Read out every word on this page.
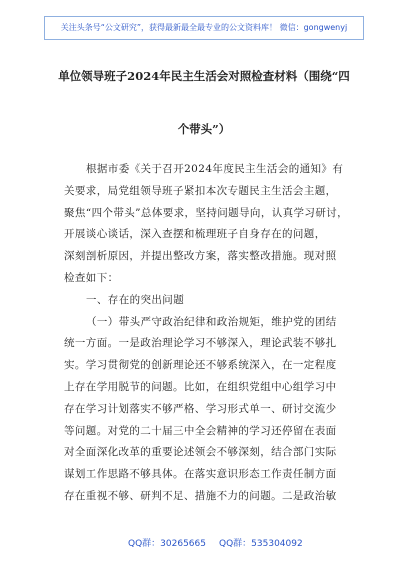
关注头条号“公文研究”，获得最新最全最专业的公文资料库！ 微信：gongwenyj
单位领导班子2024年民主生活会对照检查材料（围绕“四
个带头”）
根据市委《关于召开2024年度民主生活会的通知》有
关要求，局党组领导班子紧扣本次专题民主生活会主题，
聚焦“四个带头”总体要求，坚持问题导向，认真学习研讨，
开展谈心谈话，深入查摆和梳理班子自身存在的问题，
深刻剖析原因，并提出整改方案，落实整改措施。现对照
检查如下：
一、存在的突出问题
（一）带头严守政治纪律和政治规矩，维护党的团结
统一方面。一是政治理论学习不够深入，理论武装不够扎
实。学习贯彻党的创新理论还不够系统深入，在一定程度
上存在学用脱节的问题。比如，在组织党组中心组学习中
存在学习计划落实不够严格、学习形式单一、研讨交流少
等问题。对党的二十届三中全会精神的学习还停留在表面
对全面深化改革的重要论述领会不够深刻，结合部门实际
谋划工作思路不够具体。在落实意识形态工作责任制方面
存在重视不够、研判不足、措施不力的问题。二是政治敏
QQ群：30265665 QQ群：535304092
